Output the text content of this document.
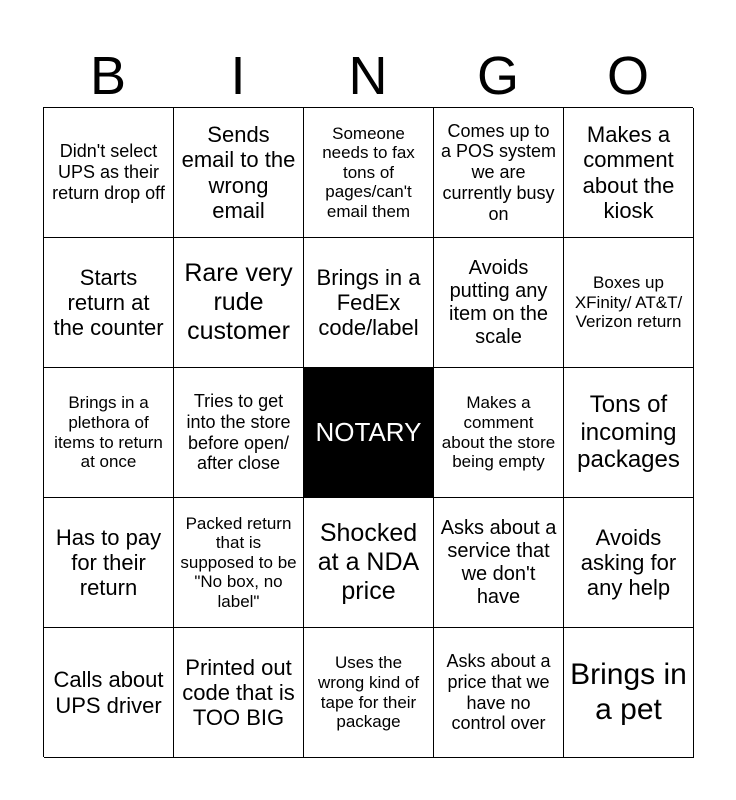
B	I	N	G	O
Didn't select UPS as their return drop off
Sends email to the wrong email
Someone needs to fax tons of pages/can't email them
Comes up to a POS system we are currently busy on
Makes a comment about the kiosk
Starts return at the counter
Rare very rude customer
Brings in a FedEx code/label
Avoids putting any item on the scale
Boxes up XFinity/ AT&T/ Verizon return
Brings in a plethora of items to return at once
Tries to get into the store before open/ after close
NOTARY
Makes a comment about the store being empty
Tons of incoming packages
Has to pay for their return
Packed return that is supposed to be "No box, no label"
Shocked at a NDA price
Asks about a service that we don't have
Avoids asking for any help
Calls about UPS driver
Printed out code that is TOO BIG
Uses the wrong kind of tape for their package
Asks about a price that we have no control over
Brings in a pet
